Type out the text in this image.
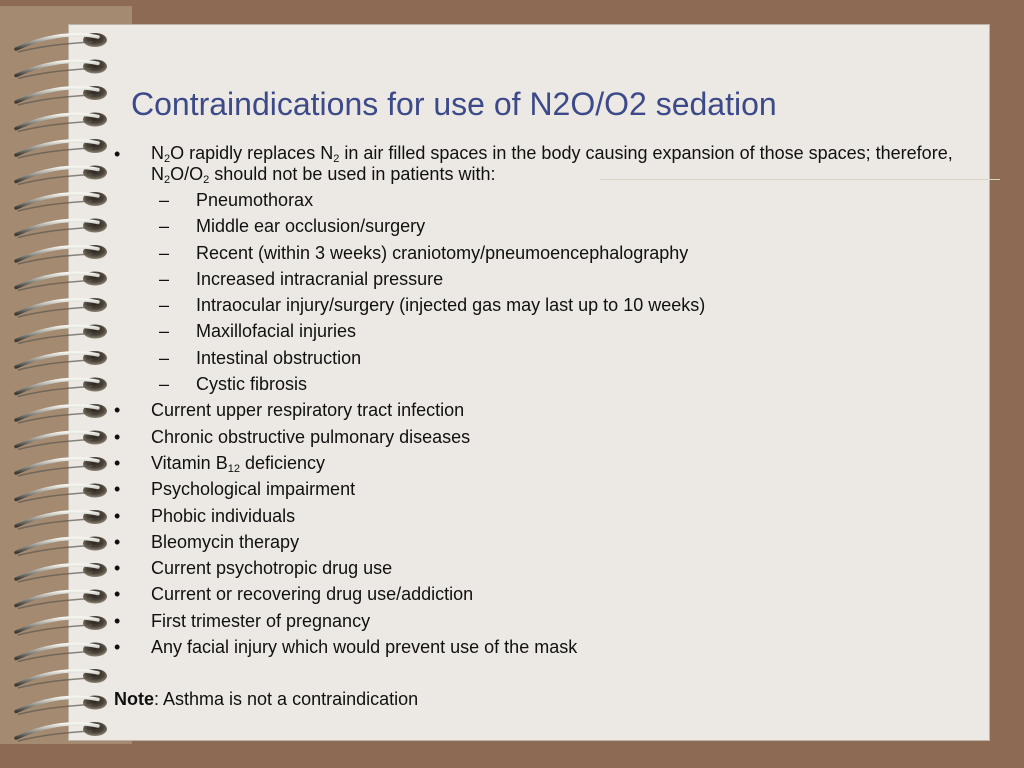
Contraindications for use of N2O/O2 sedation
• $N_2O$ rapidly replaces $N_2$ in air filled spaces in the body causing expansion of those spaces; therefore, $N_2O/O_2$ should not be used in patients with:
– Pneumothorax
– Middle ear occlusion/surgery
– Recent (within 3 weeks) craniotomy/pneumoencephalography
– Increased intracranial pressure
– Intraocular injury/surgery (injected gas may last up to 10 weeks)
– Maxillofacial injuries
– Intestinal obstruction
– Cystic fibrosis
• Current upper respiratory tract infection
• Chronic obstructive pulmonary diseases
• Vitamin $B_{12}$ deficiency
• Psychological impairment
• Phobic individuals
• Bleomycin therapy
• Current psychotropic drug use
• Current or recovering drug use/addiction
• First trimester of pregnancy
• Any facial injury which would prevent use of the mask
Note: Asthma is not a contraindication
